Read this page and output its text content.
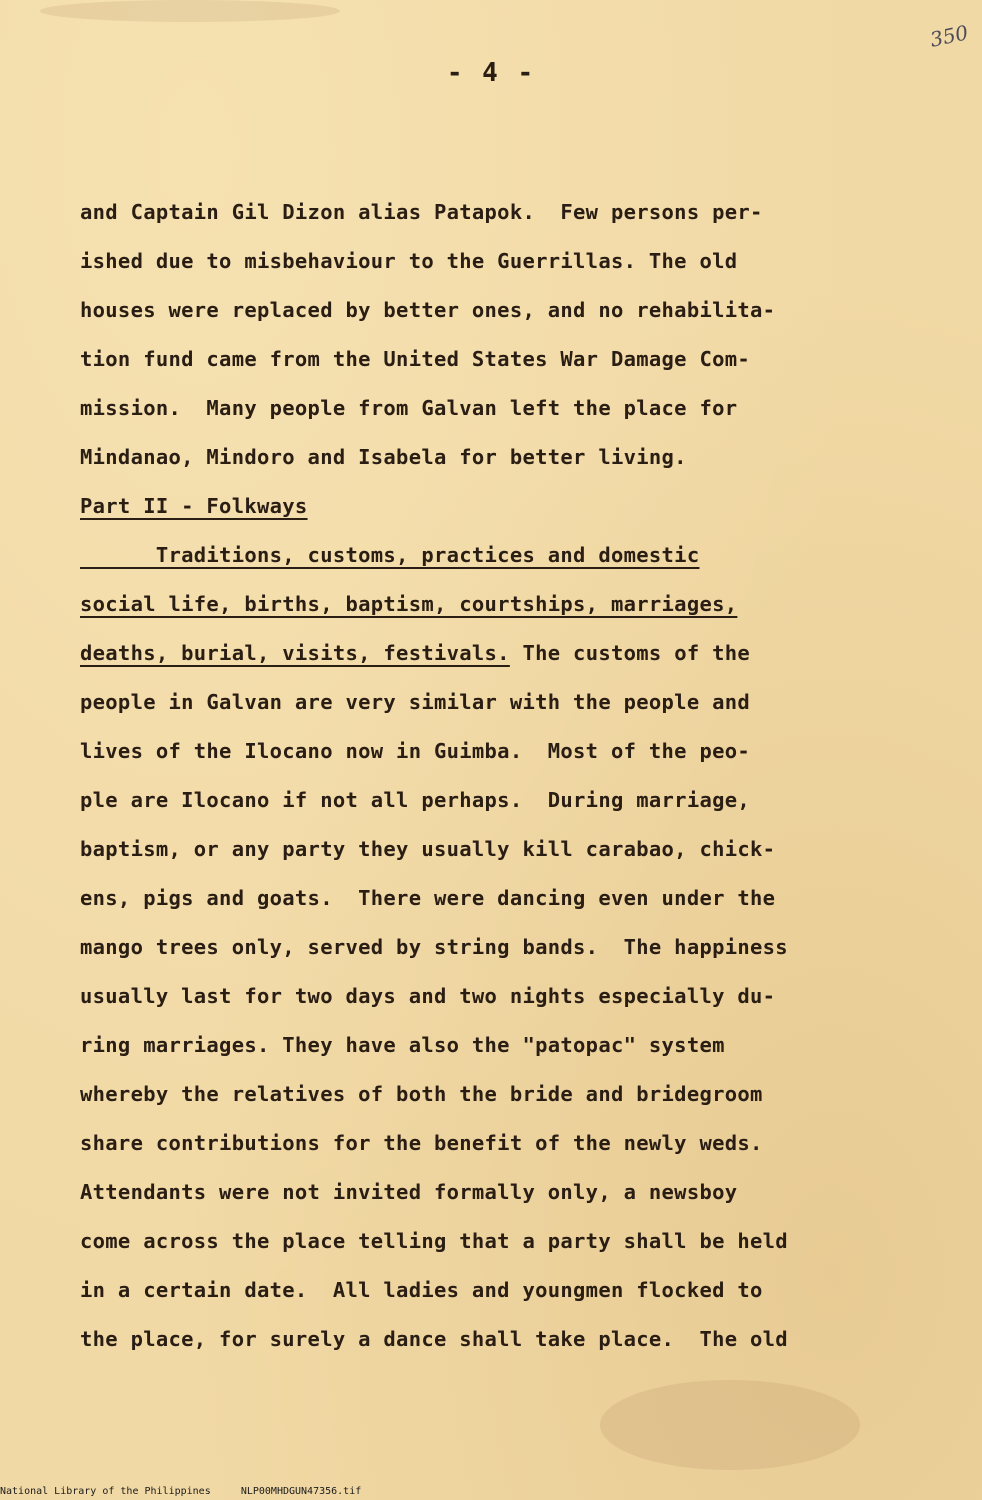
- 4 -
350
and Captain Gil Dizon alias Patapok.  Few persons per-
ished due to misbehaviour to the Guerrillas. The old
houses were replaced by better ones, and no rehabilita-
tion fund came from the United States War Damage Com-
mission.  Many people from Galvan left the place for
Mindanao, Mindoro and Isabela for better living.
Part II - Folkways
Traditions, customs, practices and domestic
social life, births, baptism, courtships, marriages,
deaths, burial, visits, festivals. The customs of the
people in Galvan are very similar with the people and
lives of the Ilocano now in Guimba.  Most of the peo-
ple are Ilocano if not all perhaps.  During marriage,
baptism, or any party they usually kill carabao, chick-
ens, pigs and goats.  There were dancing even under the
mango trees only, served by string bands.  The happiness
usually last for two days and two nights especially du-
ring marriages. They have also the "patopac" system
whereby the relatives of both the bride and bridegroom
share contributions for the benefit of the newly weds.
Attendants were not invited formally only, a newsboy
come across the place telling that a party shall be held
in a certain date.  All ladies and youngmen flocked to
the place, for surely a dance shall take place.  The old
National Library of the Philippines     NLP00MHDGUN47356.tif
